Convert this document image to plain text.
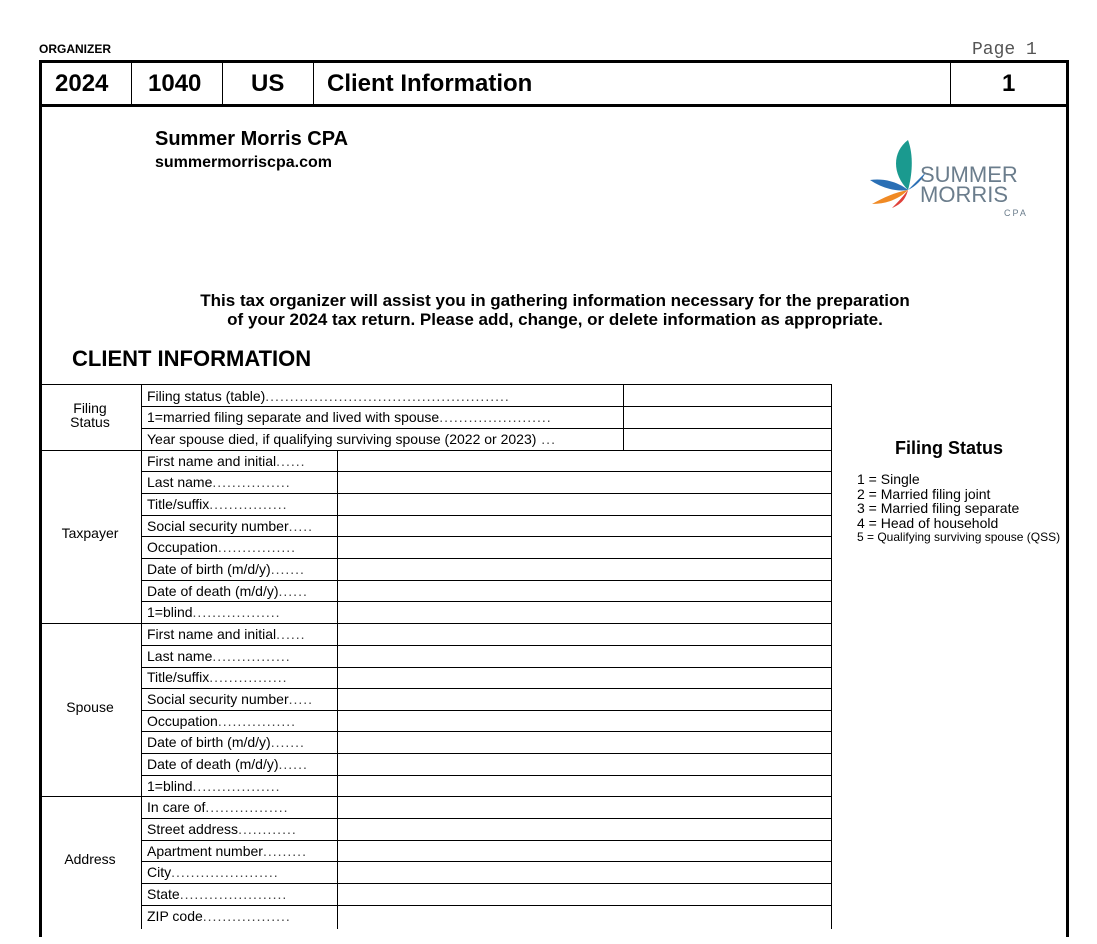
ORGANIZER	Page 1
2024 1040 US Client Information	1
Summer Morris CPA
summermorriscpa.com	SUMMER
MORRIS
CPA
This tax organizer will assist you in gathering information necessary for the preparation
of your 2024 tax return. Please add, change, or delete information as appropriate.
CLIENT INFORMATION
Filing
Status
Filing status (table)..................................................
1=married filing separate and lived with spouse.......................
Year spouse died, if qualifying surviving spouse (2022 or 2023) ...
Taxpayer
First name and initial......
Last name................
Title/suffix................
Social security number.....
Occupation................
Date of birth (m/d/y).......
Date of death (m/d/y)......
1=blind..................
Spouse
First name and initial......
Last name................
Title/suffix................
Social security number.....
Occupation................
Date of birth (m/d/y).......
Date of death (m/d/y)......
1=blind..................
Address
In care of.................
Street address............
Apartment number.........
City......................
State......................
ZIP code..................
Filing Status
1 = Single
2 = Married filing joint
3 = Married filing separate
4 = Head of household
5 = Qualifying surviving spouse (QSS)
